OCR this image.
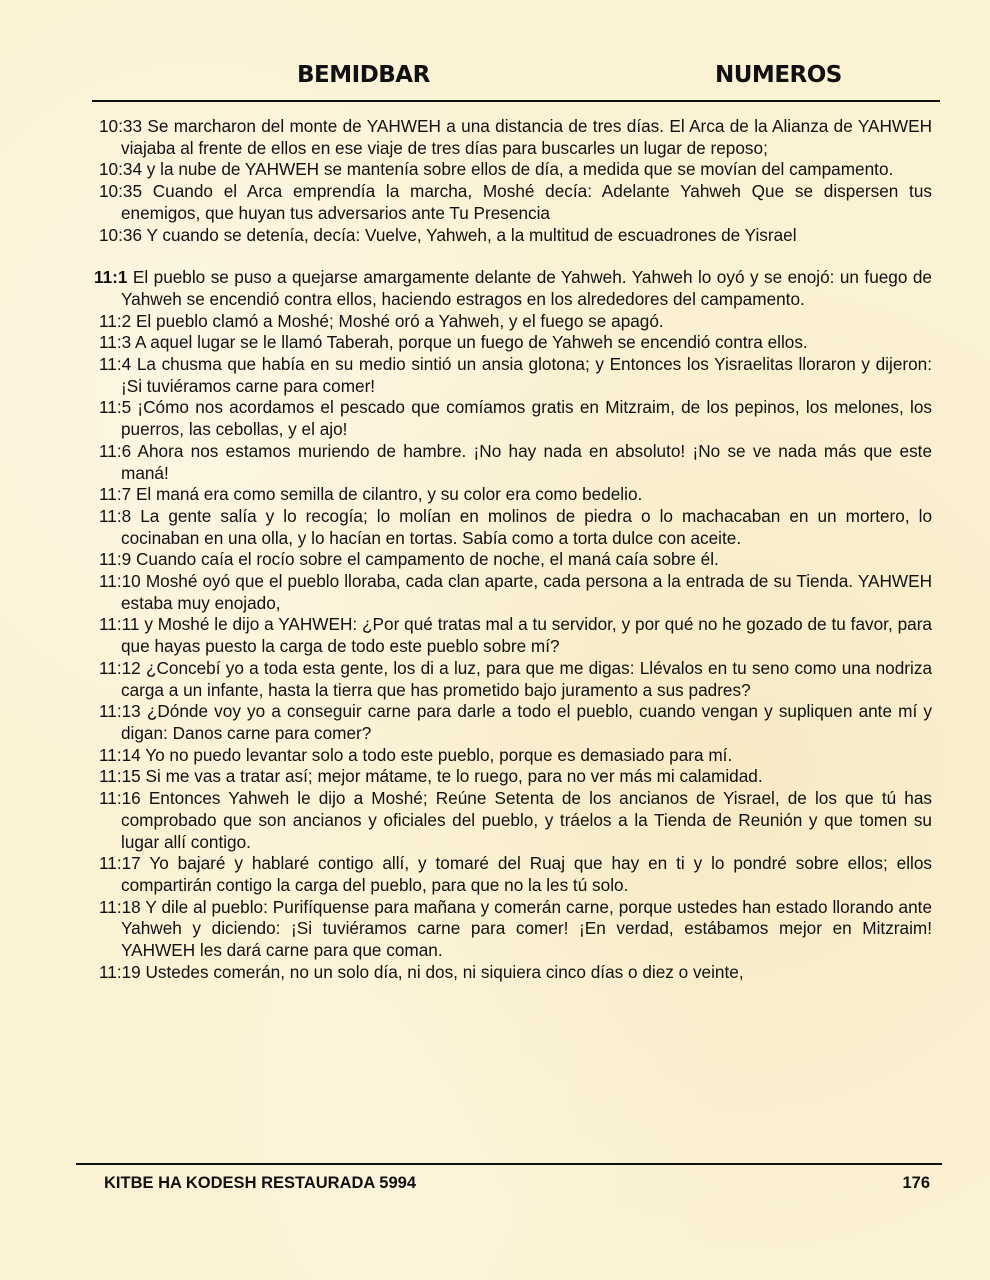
BEMIDBAR	NUMEROS

10:33 Se marcharon del monte de YAHWEH a una distancia de tres días. El Arca de la Alianza de YAHWEH viajaba al frente de ellos en ese viaje de tres días para buscarles un lugar de reposo;

10:34 y la nube de YAHWEH se mantenía sobre ellos de día, a medida que se movían del campamento.

10:35 Cuando el Arca emprendía la marcha, Moshé decía: Adelante Yahweh Que se dispersen tus enemigos, que huyan tus adversarios ante Tu Presencia

10:36 Y cuando se detenía, decía: Vuelve, Yahweh, a la multitud de escuadrones de Yisrael

11:1 El pueblo se puso a quejarse amargamente delante de Yahweh. Yahweh lo oyó y se enojó: un fuego de Yahweh se encendió contra ellos, haciendo estragos en los alrededores del campamento.

11:2 El pueblo clamó a Moshé; Moshé oró a Yahweh, y el fuego se apagó.

11:3 A aquel lugar se le llamó Taberah, porque un fuego de Yahweh se encendió contra ellos.

11:4 La chusma que había en su medio sintió un ansia glotona; y Entonces los Yisraelitas lloraron y dijeron: ¡Si tuviéramos carne para comer!

11:5 ¡Cómo nos acordamos el pescado que comíamos gratis en Mitzraim, de los pepinos, los melones, los puerros, las cebollas, y el ajo!

11:6 Ahora nos estamos muriendo de hambre. ¡No hay nada en absoluto! ¡No se ve nada más que este maná!

11:7 El maná era como semilla de cilantro, y su color era como bedelio.

11:8 La gente salía y lo recogía; lo molían en molinos de piedra o lo machacaban en un mortero, lo cocinaban en una olla, y lo hacían en tortas. Sabía como a torta dulce con aceite.

11:9 Cuando caía el rocío sobre el campamento de noche, el maná caía sobre él.

11:10 Moshé oyó que el pueblo lloraba, cada clan aparte, cada persona a la entrada de su Tienda. YAHWEH estaba muy enojado,

11:11 y Moshé le dijo a YAHWEH: ¿Por qué tratas mal a tu servidor, y por qué no he gozado de tu favor, para que hayas puesto la carga de todo este pueblo sobre mí?

11:12 ¿Concebí yo a toda esta gente, los di a luz, para que me digas: Llévalos en tu seno como una nodriza carga a un infante, hasta la tierra que has prometido bajo juramento a sus padres?

11:13 ¿Dónde voy yo a conseguir carne para darle a todo el pueblo, cuando vengan y supliquen ante mí y digan: Danos carne para comer?

11:14 Yo no puedo levantar solo a todo este pueblo, porque es demasiado para mí.

11:15 Si me vas a tratar así; mejor mátame, te lo ruego, para no ver más mi calamidad.

11:16 Entonces Yahweh le dijo a Moshé; Reúne Setenta de los ancianos de Yisrael, de los que tú has comprobado que son ancianos y oficiales del pueblo, y tráelos a la Tienda de Reunión y que tomen su lugar allí contigo.

11:17 Yo bajaré y hablaré contigo allí, y tomaré del Ruaj que hay en ti y lo pondré sobre ellos; ellos compartirán contigo la carga del pueblo, para que no la les tú solo.

11:18 Y dile al pueblo: Purifíquense para mañana y comerán carne, porque ustedes han estado llorando ante Yahweh y diciendo: ¡Si tuviéramos carne para comer! ¡En verdad, estábamos mejor en Mitzraim! YAHWEH les dará carne para que coman.

11:19 Ustedes comerán, no un solo día, ni dos, ni siquiera cinco días o diez o veinte,

KITBE HA KODESH RESTAURADA 5994	176
